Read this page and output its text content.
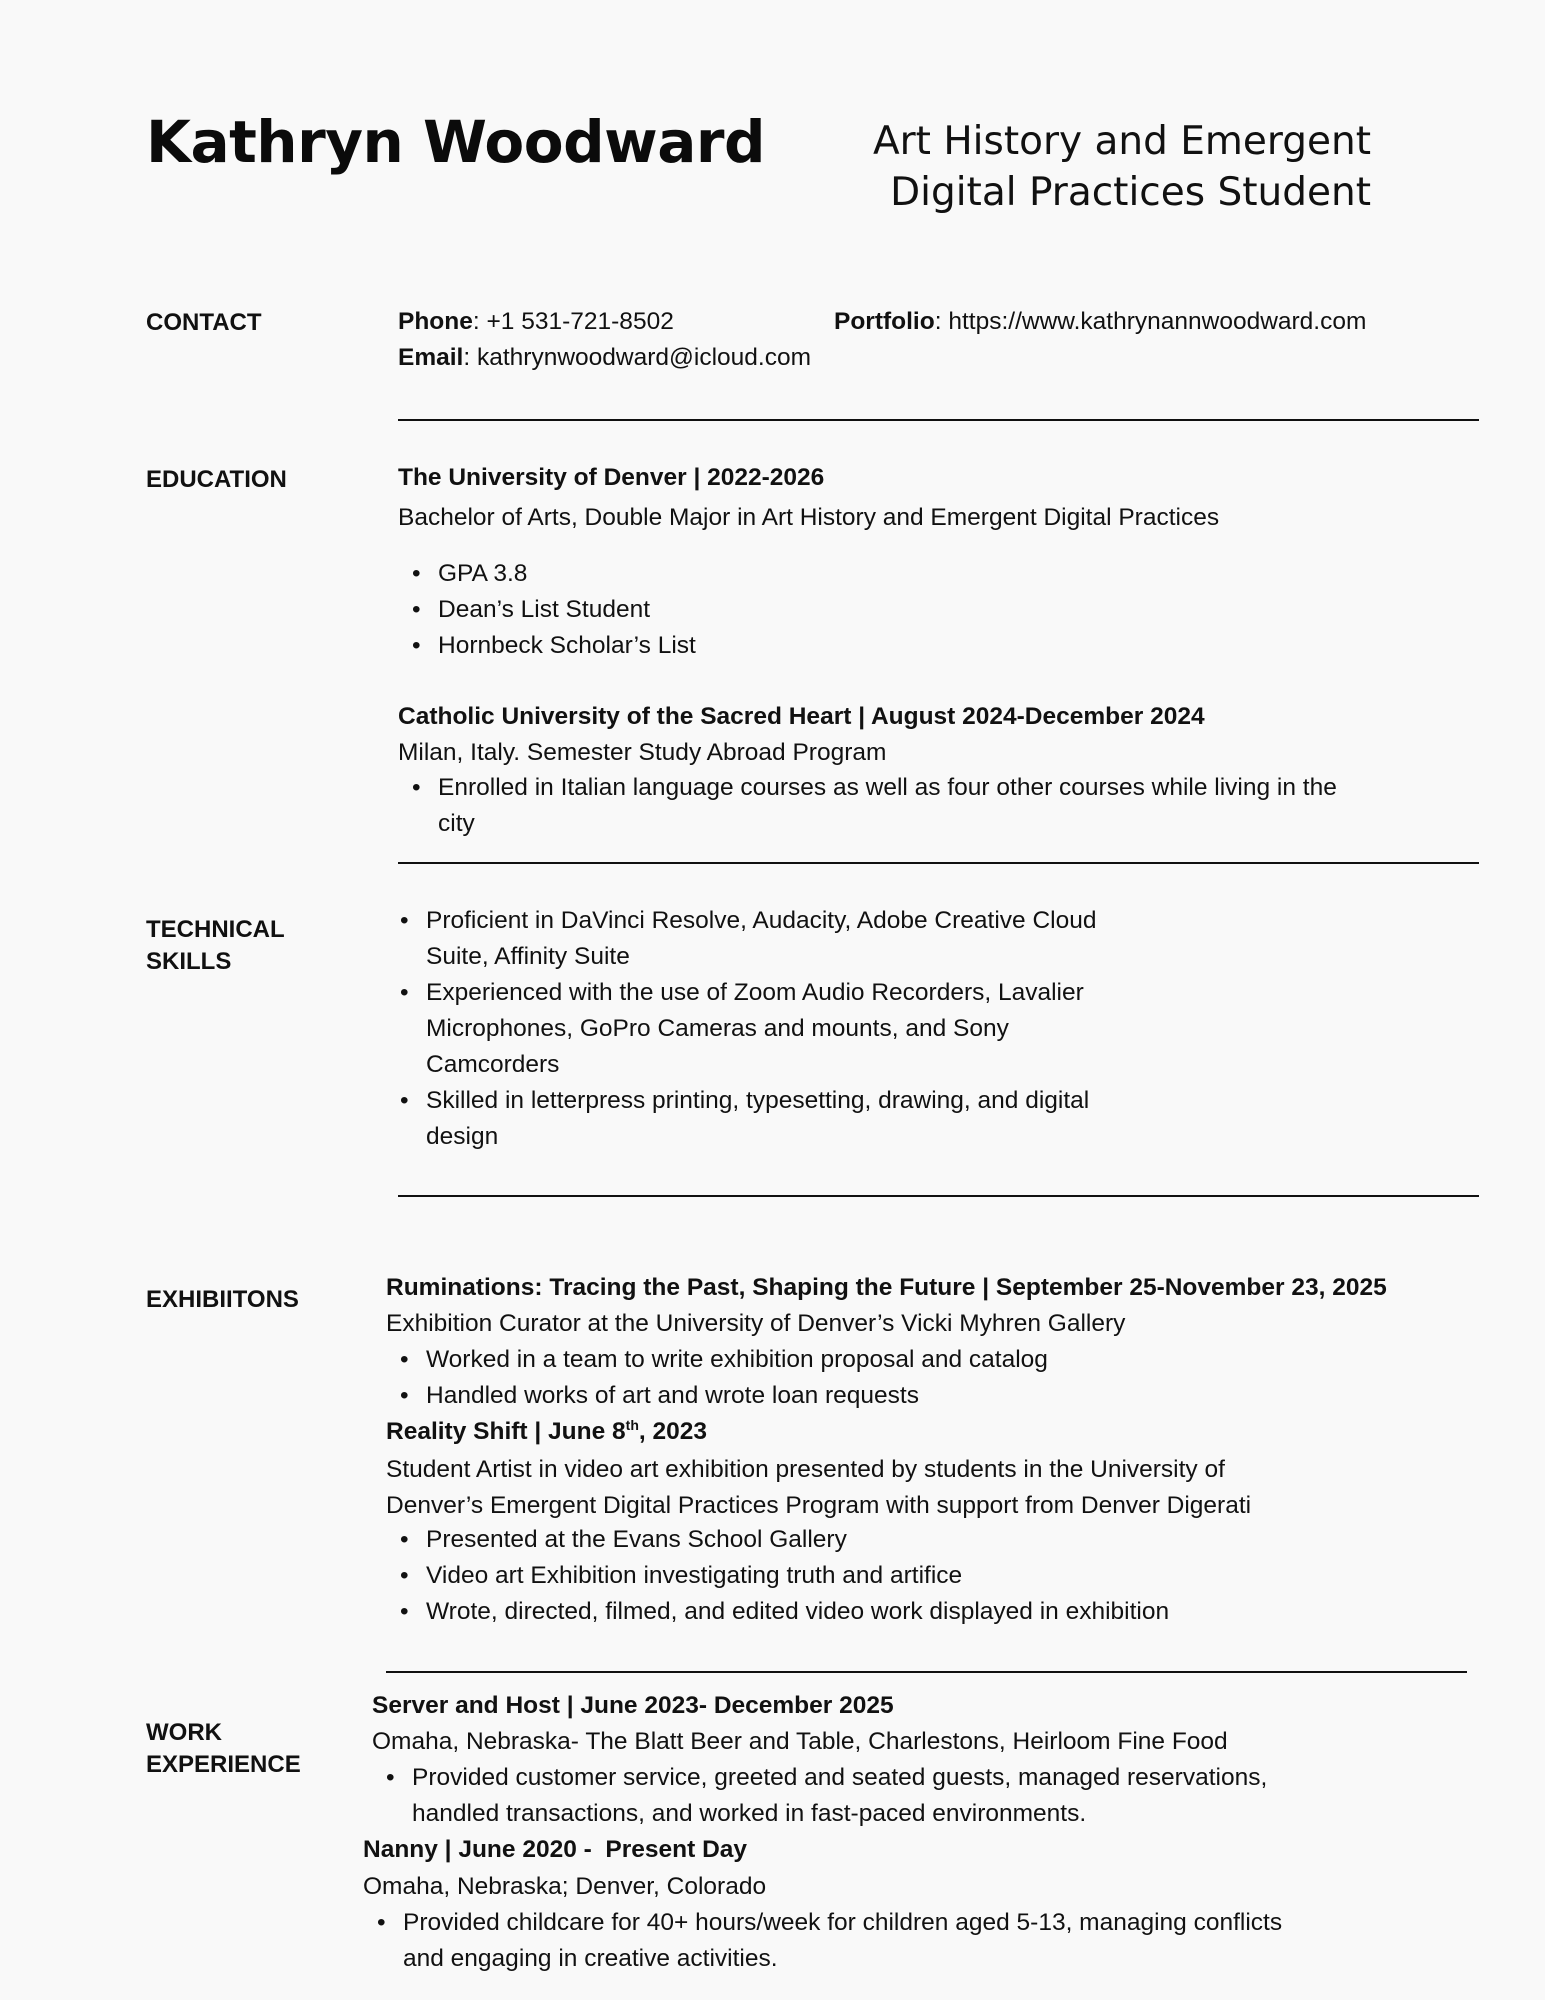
Kathryn Woodward	Art History and Emergent
Digital Practices Student
CONTACT	Phone: +1 531-721-8502	Portfolio: https://www.kathrynannwoodward.com
Email: kathrynwoodward@icloud.com
EDUCATION	The University of Denver | 2022-2026
Bachelor of Arts, Double Major in Art History and Emergent Digital Practices
• GPA 3.8
• Dean’s List Student
• Hornbeck Scholar’s List
Catholic University of the Sacred Heart | August 2024-December 2024
Milan, Italy. Semester Study Abroad Program
• Enrolled in Italian language courses as well as four other courses while living in the city
TECHNICAL
SKILLS
• Proficient in DaVinci Resolve, Audacity, Adobe Creative Cloud Suite, Affinity Suite
• Experienced with the use of Zoom Audio Recorders, Lavalier Microphones, GoPro Cameras and mounts, and Sony Camcorders
• Skilled in letterpress printing, typesetting, drawing, and digital design
EXHIBIITONS	Ruminations: Tracing the Past, Shaping the Future | September 25-November 23, 2025
Exhibition Curator at the University of Denver’s Vicki Myhren Gallery
• Worked in a team to write exhibition proposal and catalog
• Handled works of art and wrote loan requests
Reality Shift | June 8th, 2023
Student Artist in video art exhibition presented by students in the University of Denver’s Emergent Digital Practices Program with support from Denver Digerati
• Presented at the Evans School Gallery
• Video art Exhibition investigating truth and artifice
• Wrote, directed, filmed, and edited video work displayed in exhibition
WORK
EXPERIENCE
Server and Host | June 2023- December 2025
Omaha, Nebraska- The Blatt Beer and Table, Charlestons, Heirloom Fine Food
• Provided customer service, greeted and seated guests, managed reservations, handled transactions, and worked in fast-paced environments.
Nanny | June 2020 -  Present Day
Omaha, Nebraska; Denver, Colorado
• Provided childcare for 40+ hours/week for children aged 5-13, managing conflicts and engaging in creative activities.
